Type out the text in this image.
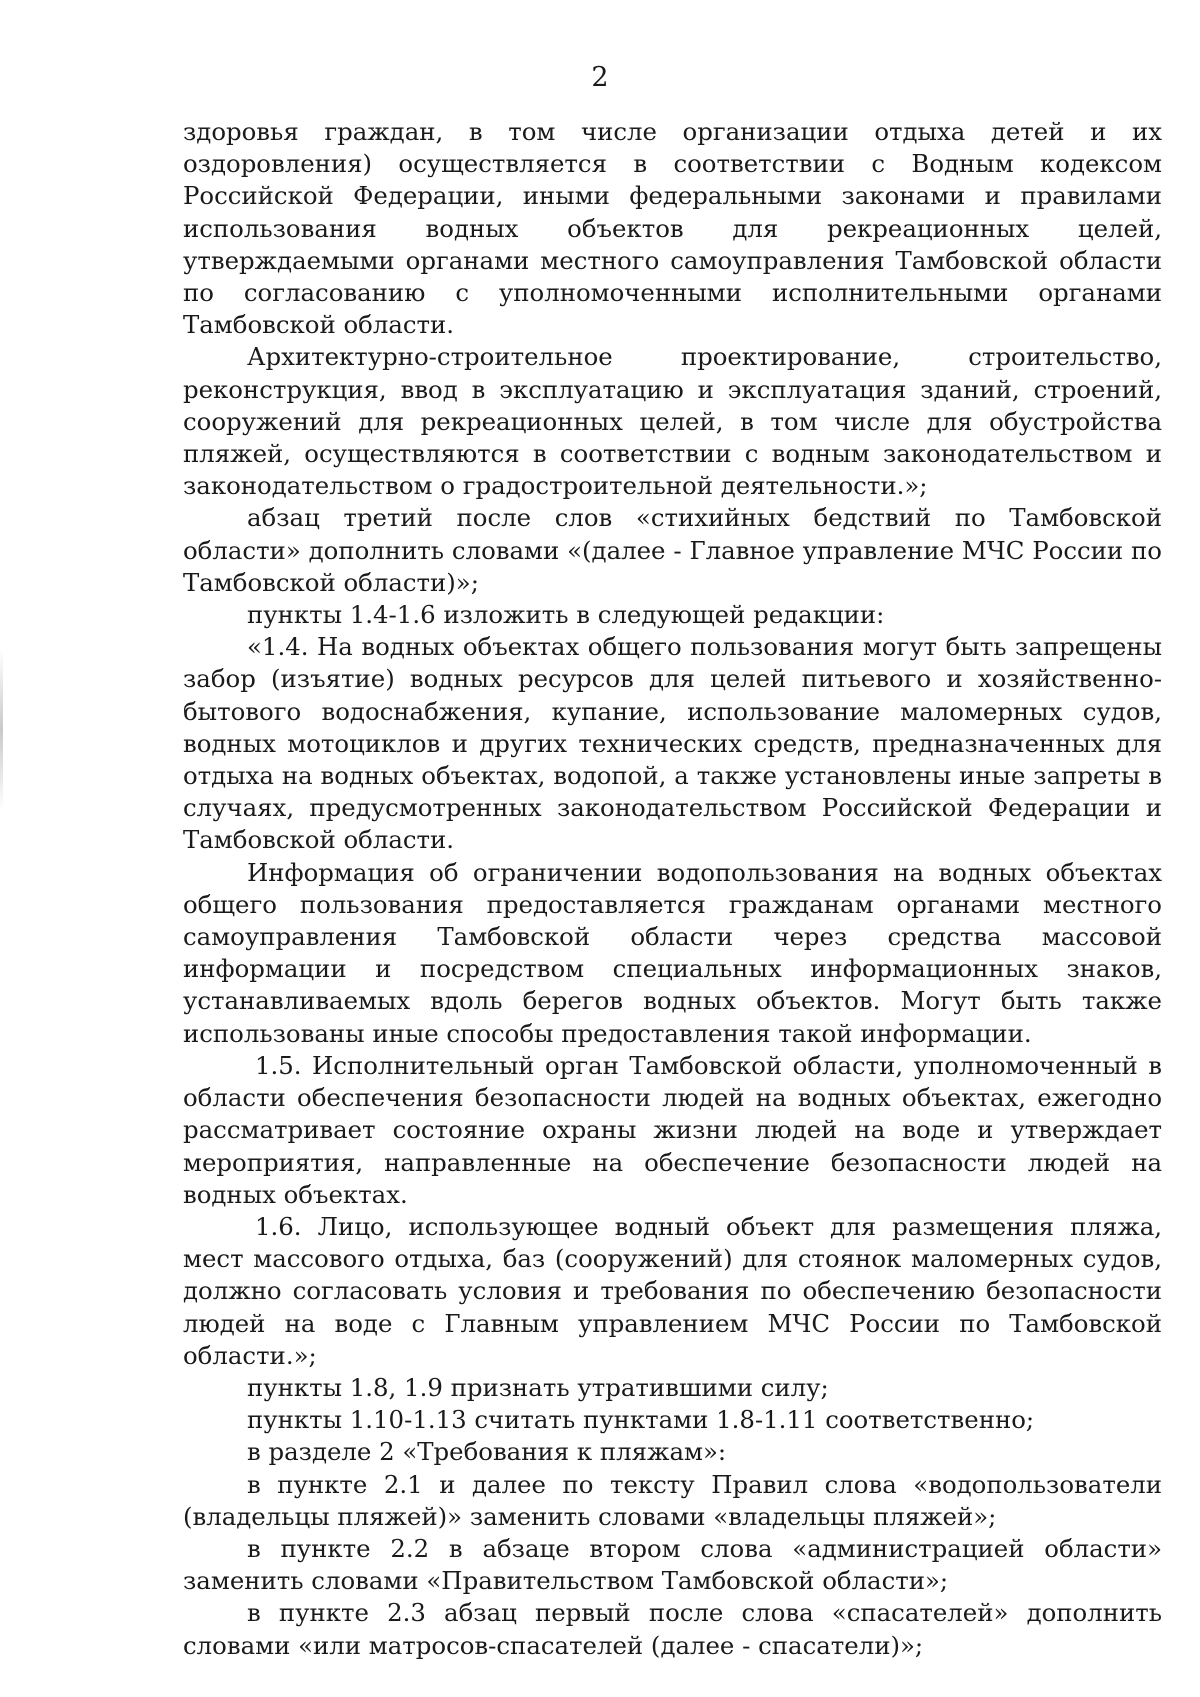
2

здоровья граждан, в том числе организации отдыха детей и их оздоровления) осуществляется в соответствии с Водным кодексом Российской Федерации, иными федеральными законами и правилами использования водных объектов для рекреационных целей, утверждаемыми органами местного самоуправления Тамбовской области по согласованию с уполномоченными исполнительными органами Тамбовской области.

Архитектурно-строительное проектирование, строительство, реконструкция, ввод в эксплуатацию и эксплуатация зданий, строений, сооружений для рекреационных целей, в том числе для обустройства пляжей, осуществляются в соответствии с водным законодательством и законодательством о градостроительной деятельности.»;

абзац третий после слов «стихийных бедствий по Тамбовской области» дополнить словами «(далее - Главное управление МЧС России по Тамбовской области)»;

пункты 1.4-1.6 изложить в следующей редакции:

«1.4. На водных объектах общего пользования могут быть запрещены забор (изъятие) водных ресурсов для целей питьевого и хозяйственно-бытового водоснабжения, купание, использование маломерных судов, водных мотоциклов и других технических средств, предназначенных для отдыха на водных объектах, водопой, а также установлены иные запреты в случаях, предусмотренных законодательством Российской Федерации и Тамбовской области.

Информация об ограничении водопользования на водных объектах общего пользования предоставляется гражданам органами местного самоуправления Тамбовской области через средства массовой информации и посредством специальных информационных знаков, устанавливаемых вдоль берегов водных объектов. Могут быть также использованы иные способы предоставления такой информации.

1.5. Исполнительный орган Тамбовской области, уполномоченный в области обеспечения безопасности людей на водных объектах, ежегодно рассматривает состояние охраны жизни людей на воде и утверждает мероприятия, направленные на обеспечение безопасности людей на водных объектах.

1.6. Лицо, использующее водный объект для размещения пляжа, мест массового отдыха, баз (сооружений) для стоянок маломерных судов, должно согласовать условия и требования по обеспечению безопасности людей на воде с Главным управлением МЧС России по Тамбовской области.»;

пункты 1.8, 1.9 признать утратившими силу;

пункты 1.10-1.13 считать пунктами 1.8-1.11 соответственно;

в разделе 2 «Требования к пляжам»:

в пункте 2.1 и далее по тексту Правил слова «водопользователи (владельцы пляжей)» заменить словами «владельцы пляжей»;

в пункте 2.2 в абзаце втором слова «администрацией области» заменить словами «Правительством Тамбовской области»;

в пункте 2.3 абзац первый после слова «спасателей» дополнить словами «или матросов-спасателей (далее - спасатели)»;
